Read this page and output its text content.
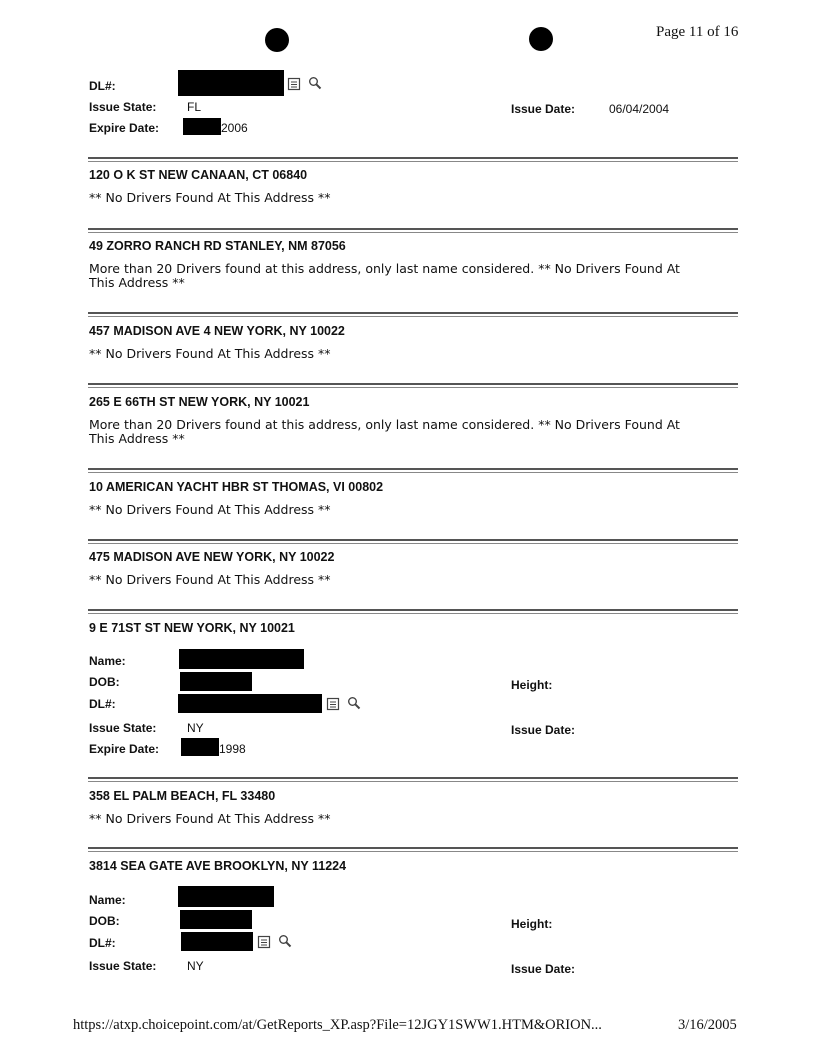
Page 11 of 16
DL#:
Issue State:	FL	Issue Date:	06/04/2004
Expire Date:	2006
120 O K ST NEW CANAAN, CT 06840
** No Drivers Found At This Address **
49 ZORRO RANCH RD STANLEY, NM 87056
More than 20 Drivers found at this address, only last name considered. ** No Drivers Found At This Address **
457 MADISON AVE 4 NEW YORK, NY 10022
** No Drivers Found At This Address **
265 E 66TH ST NEW YORK, NY 10021
More than 20 Drivers found at this address, only last name considered. ** No Drivers Found At This Address **
10 AMERICAN YACHT HBR ST THOMAS, VI 00802
** No Drivers Found At This Address **
475 MADISON AVE NEW YORK, NY 10022
** No Drivers Found At This Address **
9 E 71ST ST NEW YORK, NY 10021
Name:
DOB:	Height:
DL#:
Issue State:	NY	Issue Date:
Expire Date:	1998
358 EL PALM BEACH, FL 33480
** No Drivers Found At This Address **
3814 SEA GATE AVE BROOKLYN, NY 11224
Name:
DOB:	Height:
DL#:
Issue State:	NY	Issue Date:
https://atxp.choicepoint.com/at/GetReports_XP.asp?File=12JGY1SWW1.HTM&ORION...	3/16/2005
